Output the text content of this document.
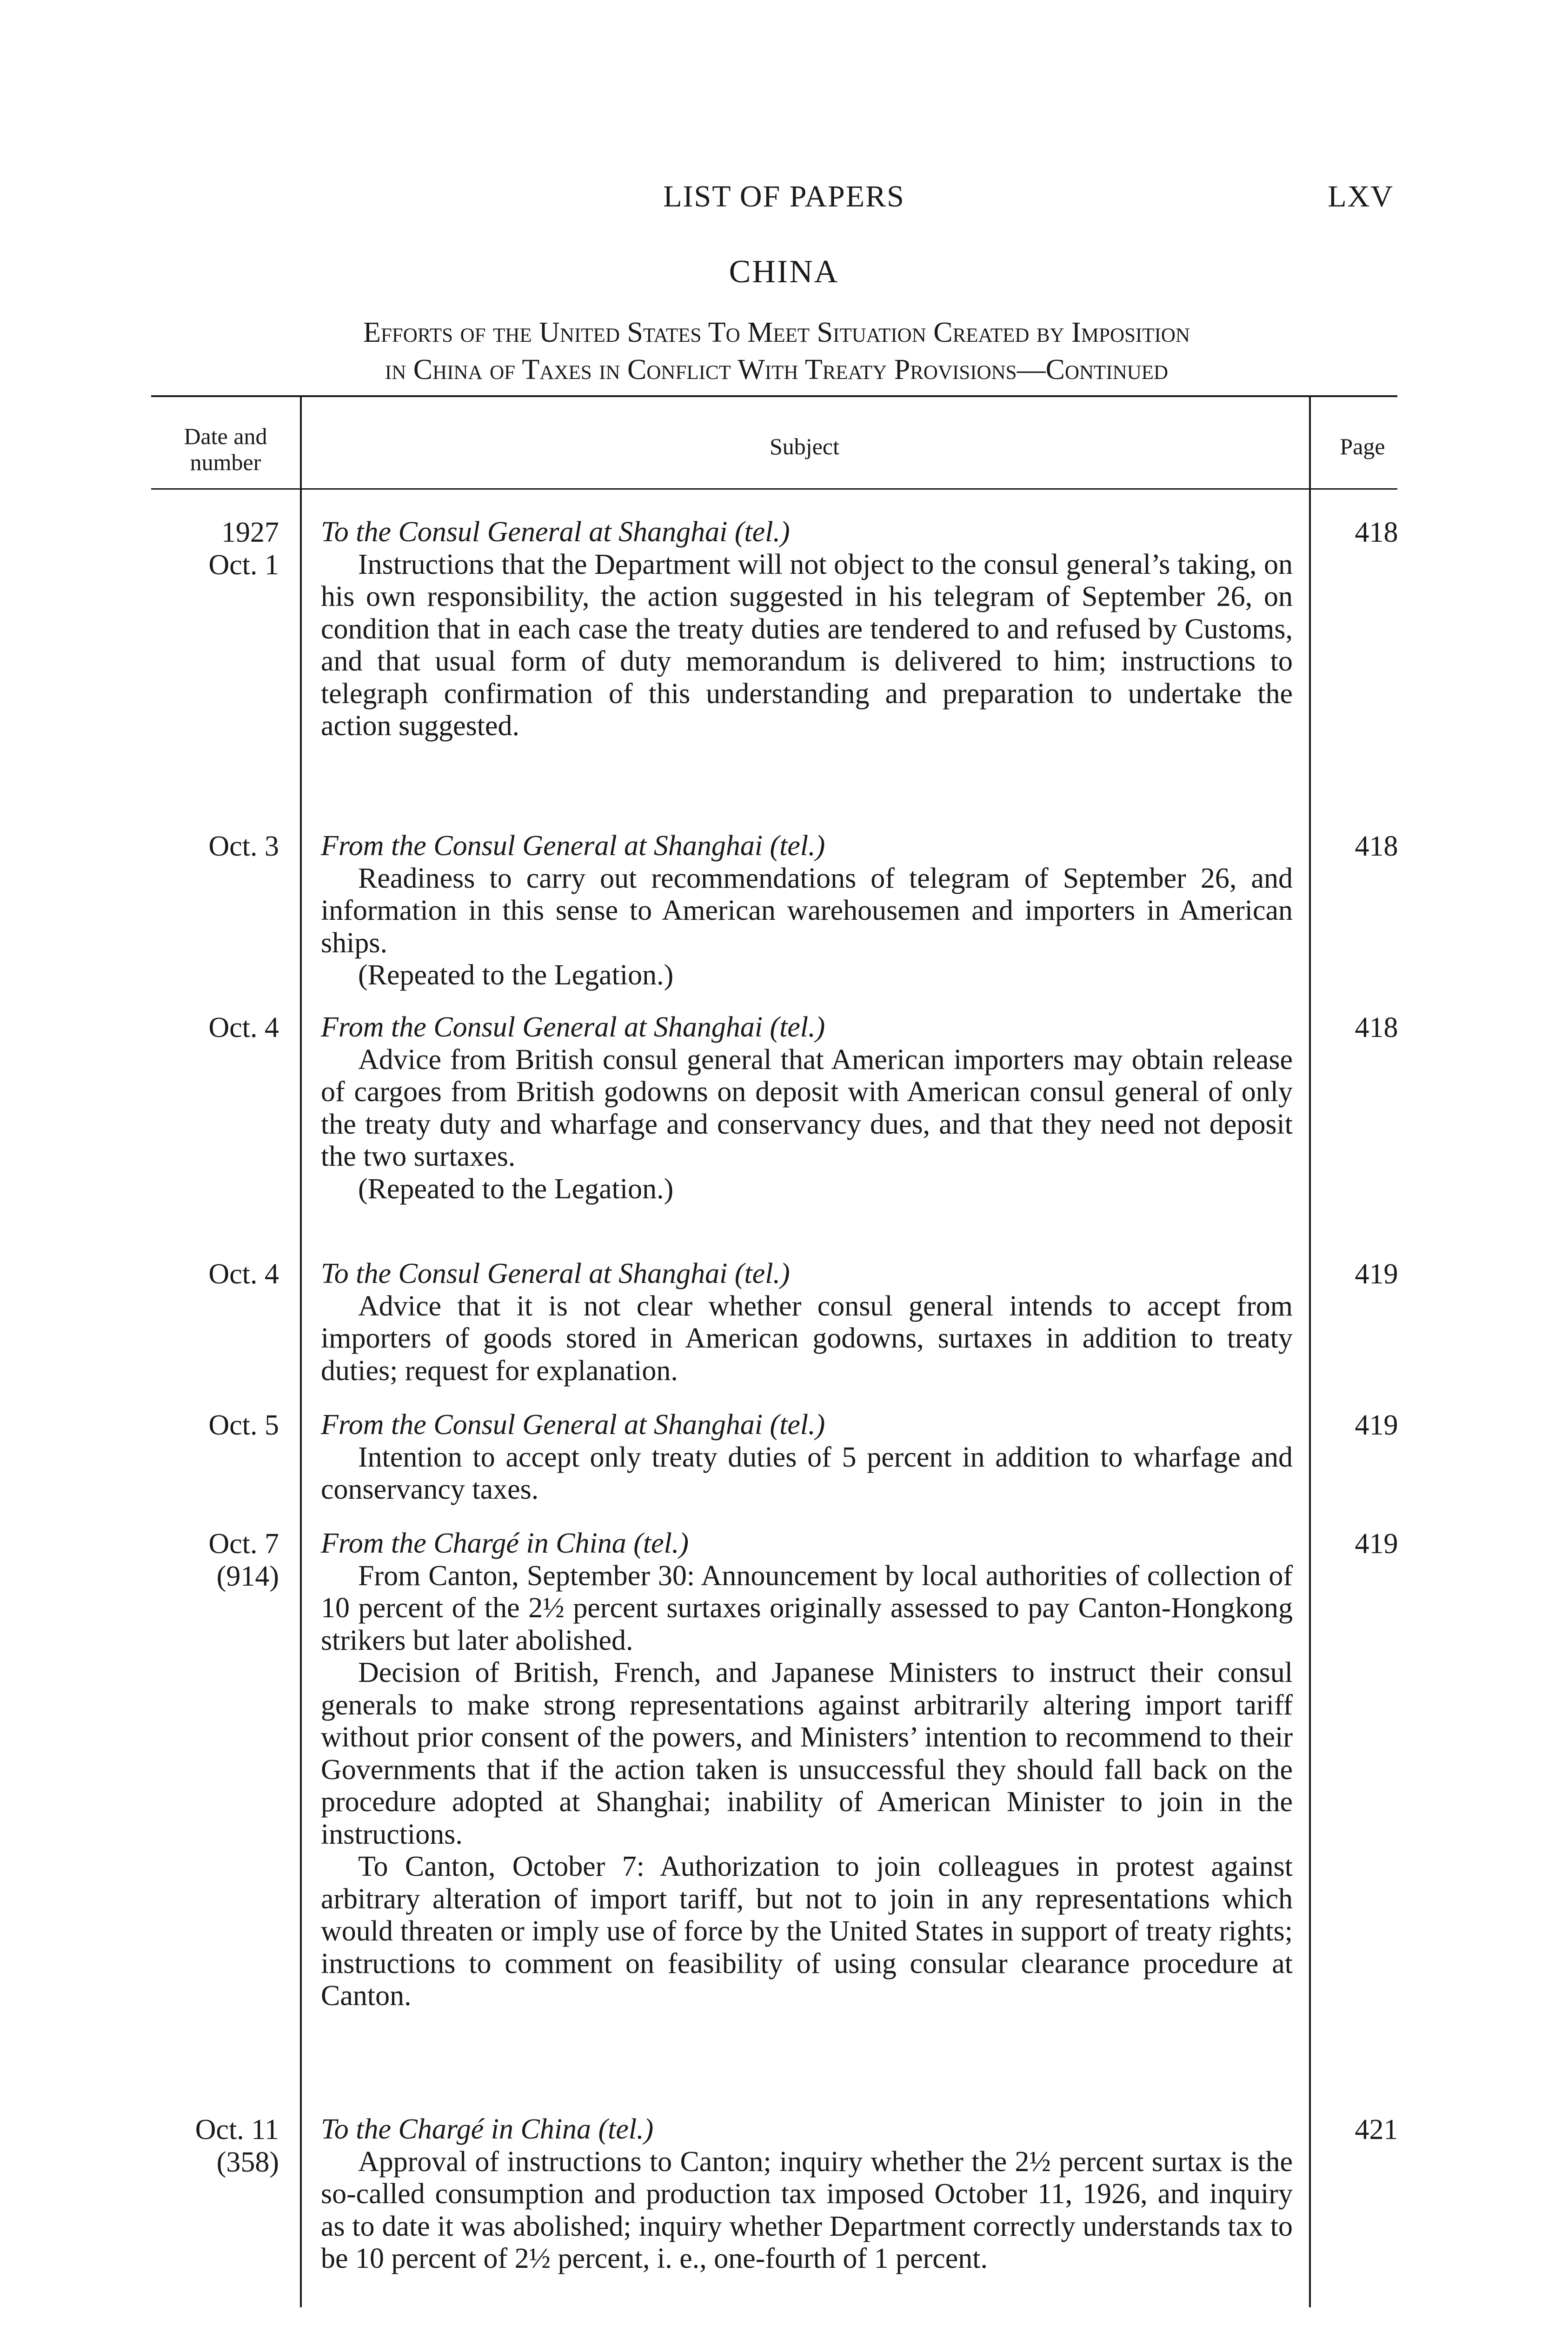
LIST OF PAPERS	LXV
CHINA
Efforts of the United States To Meet Situation Created by Imposition
in China of Taxes in Conflict With Treaty Provisions—Continued
Date and
number
Subject	Page
1927
Oct. 1
To the Consul General at Shanghai (tel.)
Instructions that the Department will not object to the consul general’s taking, on his own responsibility, the action suggested in his telegram of September 26, on condition that in each case the treaty duties are tendered to and refused by Customs, and that usual form of duty memorandum is delivered to him; instructions to telegraph confirmation of this understanding and preparation to undertake the action suggested.
418
Oct. 3 From the Consul General at Shanghai (tel.)
Readiness to carry out recommendations of telegram of September 26, and information in this sense to American warehousemen and importers in American ships.
(Repeated to the Legation.)
418
Oct. 4 From the Consul General at Shanghai (tel.)
Advice from British consul general that American importers may obtain release of cargoes from British godowns on deposit with American consul general of only the treaty duty and wharfage and conservancy dues, and that they need not deposit the two surtaxes.
(Repeated to the Legation.)
418
Oct. 4 To the Consul General at Shanghai (tel.)
Advice that it is not clear whether consul general intends to accept from importers of goods stored in American godowns, surtaxes in addition to treaty duties; request for explanation.
419
Oct. 5 From the Consul General at Shanghai (tel.)
Intention to accept only treaty duties of 5 percent in addition to wharfage and conservancy taxes.
419
Oct. 7
(914)
From the Chargé in China (tel.)
From Canton, September 30: Announcement by local authorities of collection of 10 percent of the 2½ percent surtaxes originally assessed to pay Canton-Hongkong strikers but later abolished.
Decision of British, French, and Japanese Ministers to instruct their consul generals to make strong representations against arbitrarily altering import tariff without prior consent of the powers, and Ministers’ intention to recommend to their Governments that if the action taken is unsuccessful they should fall back on the procedure adopted at Shanghai; inability of American Minister to join in the instructions.
To Canton, October 7: Authorization to join colleagues in protest against arbitrary alteration of import tariff, but not to join in any representations which would threaten or imply use of force by the United States in support of treaty rights; instructions to comment on feasibility of using consular clearance procedure at Canton.
419
Oct. 11
(358)
To the Chargé in China (tel.)
Approval of instructions to Canton; inquiry whether the 2½ percent surtax is the so-called consumption and production tax imposed October 11, 1926, and inquiry as to date it was abolished; inquiry whether Department correctly understands tax to be 10 percent of 2½ percent, i. e., one-fourth of 1 percent.
421
